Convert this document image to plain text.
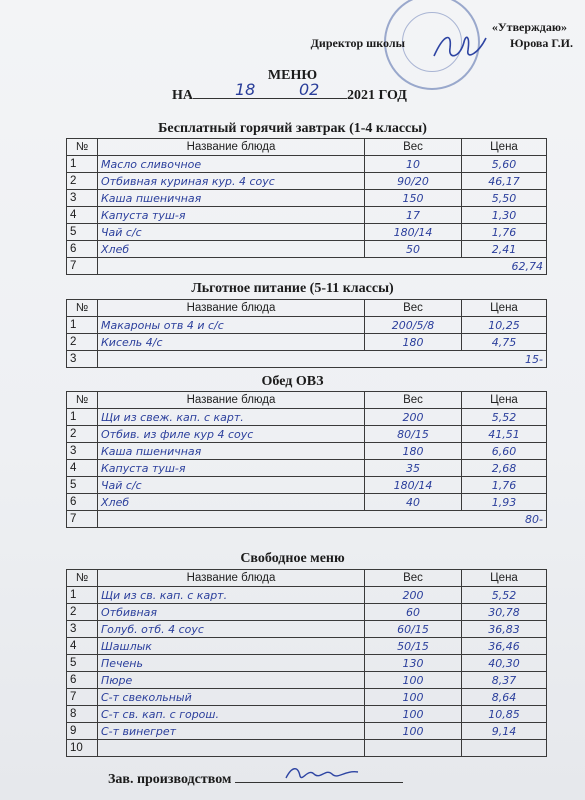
«Утверждаю»
Директор школы	Юрова Г.И.
МЕНЮ
НА	18	02 2021 ГОД
Бесплатный горячий завтрак (1-4 классы)
№	Название блюда	Вес	Цена
1	Масло сливочное	10	5,60
2	Отбивная куриная кур. 4 соус	90/20	46,17
3	Каша пшеничная	150	5,50
4	Капуста туш-я	17	1,30
5	Чай с/с	180/14	1,76
6	Хлеб	50	2,41
7	62,74		
Льготное питание (5-11 классы)
№	Название блюда	Вес	Цена
1	Макароны отв 4 и с/с	200/5/8	10,25
2	Кисель 4/с	180	4,75
3	15-		
Обед ОВЗ
№	Название блюда	Вес	Цена
1	Щи из свеж. кап. с карт.	200	5,52
2	Отбив. из филе кур 4 соус	80/15	41,51
3	Каша пшеничная	180	6,60
4	Капуста туш-я	35	2,68
5	Чай с/с	180/14	1,76
6	Хлеб	40	1,93
7	80-		
Свободное меню
№	Название блюда	Вес	Цена
1	Щи из св. кап. с карт.	200	5,52
2	Отбивная	60	30,78
3	Голуб. отб. 4 соус	60/15	36,83
4	Шашлык	50/15	36,46
5	Печень	130	40,30
6	Пюре	100	8,37
7	С-т свекольный	100	8,64
8	С-т св. кап. с горош.	100	10,85
9	С-т винегрет	100	9,14
10			
Зав. производством
